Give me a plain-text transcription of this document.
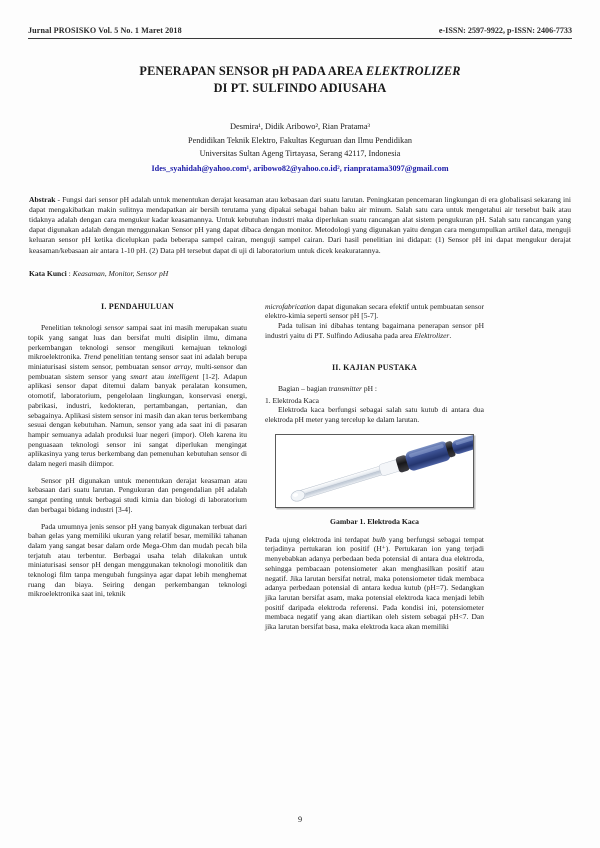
Jurnal PROSISKO Vol. 5 No. 1 Maret 2018	e-ISSN: 2597-9922, p-ISSN: 2406-7733
PENERAPAN SENSOR pH PADA AREA ELEKTROLIZER
DI PT. SULFINDO ADIUSAHA
Desmira¹, Didik Aribowo², Rian Pratama³
Pendidikan Teknik Elektro, Fakultas Keguruan dan Ilmu Pendidikan
Universitas Sultan Ageng Tirtayasa, Serang 42117, Indonesia
Ides_syahidah@yahoo.com¹, aribowo82@yahoo.co.id², rianpratama3097@gmail.com
Abstrak - Fungsi dari sensor pH adalah untuk menentukan derajat keasaman atau kebasaan dari suatu larutan. Peningkatan pencemaran lingkungan di era globalisasi sekarang ini dapat mengakibatkan makin sulitnya mendapatkan air bersih terutama yang dipakai sebagai bahan baku air minum. Salah satu cara untuk mengetahui air tersebut baik atau tidaknya adalah dengan cara mengukur kadar keasamannya. Untuk kebutuhan industri maka diperlukan suatu rancangan alat sistem pengukuran pH. Salah satu rancangan yang dapat digunakan adalah dengan menggunakan Sensor pH yang dapat dibaca dengan monitor. Metodologi yang digunakan yaitu dengan cara mengumpulkan artikel data, menguji keluaran sensor pH ketika dicelupkan pada beberapa sampel cairan, menguji sampel cairan. Dari hasil penelitian ini didapat: (1) Sensor pH ini dapat mengukur derajat keasaman/kebasaan air antara 1-10 pH. (2) Data pH tersebut dapat di uji di laboratorium untuk dicek keakuratannya.
Kata Kunci : Keasaman, Monitor, Sensor pH
I. PENDAHULUAN

Penelitian teknologi sensor sampai saat ini masih merupakan suatu topik yang sangat luas dan bersifat multi disiplin ilmu, dimana perkembangan teknologi sensor mengikuti kemajuan teknologi mikroelektronika. Trend penelitian tentang sensor saat ini adalah berupa miniaturisasi sistem sensor, pembuatan sensor array, multi-sensor dan pembuatan sistem sensor yang smart atau intelligent [1-2]. Adapun aplikasi sensor dapat ditemui dalam banyak peralatan konsumen, otomotif, laboratorium, pengelolaan lingkungan, konservasi energi, pabrikasi, industri, kedokteran, pertambangan, pertanian, dan sebagainya. Aplikasi sistem sensor ini masih dan akan terus berkembang sesuai dengan kebutuhan. Namun, sensor yang ada saat ini di pasaran hampir semuanya adalah produksi luar negeri (impor). Oleh karena itu penguasaan teknologi sensor ini sangat diperlukan mengingat aplikasinya yang terus berkembang dan pemenuhan kebutuhan sensor di dalam negeri masih diimpor.

Sensor pH digunakan untuk menentukan derajat keasaman atau kebasaan dari suatu larutan. Pengukuran dan pengendalian pH adalah sangat penting untuk berbagai studi kimia dan biologi di laboratorium dan berbagai bidang industri [3-4].

Pada umumnya jenis sensor pH yang banyak digunakan terbuat dari bahan gelas yang memiliki ukuran yang relatif besar, memiliki tahanan dalam yang sangat besar dalam orde Mega-Ohm dan mudah pecah bila terjatuh atau terbentur. Berbagai usaha telah dilakukan untuk miniaturisasi sensor pH dengan menggunakan teknologi monolitik dan teknologi film tanpa mengubah fungsinya agar dapat lebih menghemat ruang dan biaya. Seiring dengan perkembangan teknologi mikroelektronika saat ini, teknik

microfabrication dapat digunakan secara efektif untuk pembuatan sensor elektro-kimia seperti sensor pH [5-7].

Pada tulisan ini dibahas tentang bagaimana penerapan sensor pH industri yaitu di PT. Sulfindo Adiusaha pada area Elektrolizer.

II. KAJIAN PUSTAKA

Bagian – bagian transmitter pH :

1. Elektroda Kaca

Elektroda kaca berfungsi sebagai salah satu kutub di antara dua elektroda pH meter yang tercelup ke dalam larutan.

Gambar 1. Elektroda Kaca

Pada ujung elektroda ini terdapat bulb yang berfungsi sebagai tempat terjadinya pertukaran ion positif (H⁺). Pertukaran ion yang terjadi menyebabkan adanya perbedaan beda potensial di antara dua elektroda, sehingga pembacaan potensiometer akan menghasilkan positif atau negatif. Jika larutan bersifat netral, maka potensiometer tidak membaca adanya perbedaan potensial di antara kedua kutub (pH=7). Sedangkan jika larutan bersifat asam, maka potensial elektroda kaca menjadi lebih positif daripada elektroda referensi. Pada kondisi ini, potensiometer membaca negatif yang akan diartikan oleh sistem sebagai pH<7. Dan jika larutan bersifat basa, maka elektroda kaca akan memiliki

9
